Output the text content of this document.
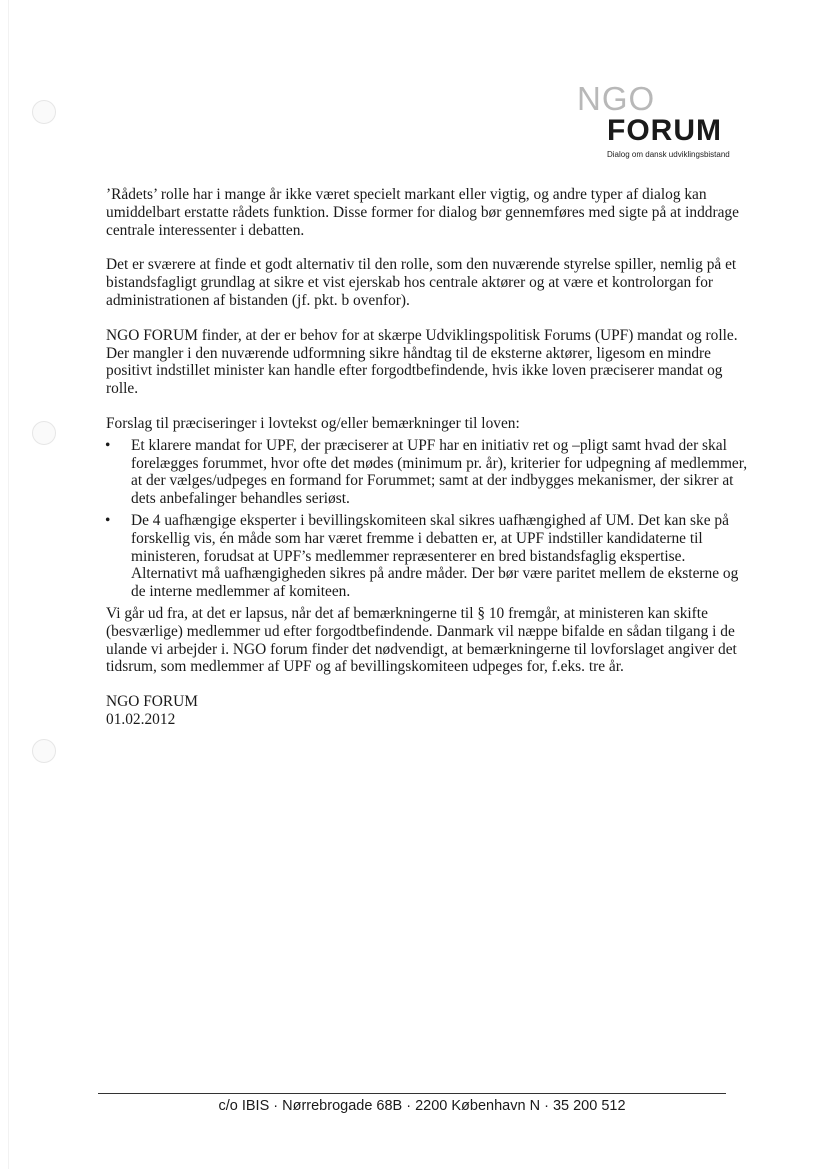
NGO
FORUM
Dialog om dansk udviklingsbistand

’Rådets’ rolle har i mange år ikke været specielt markant eller vigtig, og andre typer af dialog kan umiddelbart erstatte rådets funktion. Disse former for dialog bør gennemføres med sigte på at inddrage centrale interessenter i debatten.

Det er sværere at finde et godt alternativ til den rolle, som den nuværende styrelse spiller, nemlig på et bistandsfagligt grundlag at sikre et vist ejerskab hos centrale aktører og at være et kontrolorgan for administrationen af bistanden (jf. pkt. b ovenfor).

NGO FORUM finder, at der er behov for at skærpe Udviklingspolitisk Forums (UPF) mandat og rolle. Der mangler i den nuværende udformning sikre håndtag til de eksterne aktører, ligesom en mindre positivt indstillet minister kan handle efter forgodtbefindende, hvis ikke loven præciserer mandat og rolle.

Forslag til præciseringer i lovtekst og/eller bemærkninger til loven:

• Et klarere mandat for UPF, der præciserer at UPF har en initiativ ret og –pligt samt hvad der skal forelægges forummet, hvor ofte det mødes (minimum pr. år), kriterier for udpegning af medlemmer, at der vælges/udpeges en formand for Forummet; samt at der indbygges mekanismer, der sikrer at dets anbefalinger behandles seriøst.
• De 4 uafhængige eksperter i bevillingskomiteen skal sikres uafhængighed af UM. Det kan ske på forskellig vis, én måde som har været fremme i debatten er, at UPF indstiller kandidaterne til ministeren, forudsat at UPF’s medlemmer repræsenterer en bred bistandsfaglig ekspertise. Alternativt må uafhængigheden sikres på andre måder. Der bør være paritet mellem de eksterne og de interne medlemmer af komiteen.

Vi går ud fra, at det er lapsus, når det af bemærkningerne til § 10 fremgår, at ministeren kan skifte (besværlige) medlemmer ud efter forgodtbefindende. Danmark vil næppe bifalde en sådan tilgang i de ulande vi arbejder i. NGO forum finder det nødvendigt, at bemærkningerne til lovforslaget angiver det tidsrum, som medlemmer af UPF og af bevillingskomiteen udpeges for, f.eks. tre år.

NGO FORUM
01.02.2012
c/o IBIS · Nørrebrogade 68B · 2200 København N · 35 200 512
